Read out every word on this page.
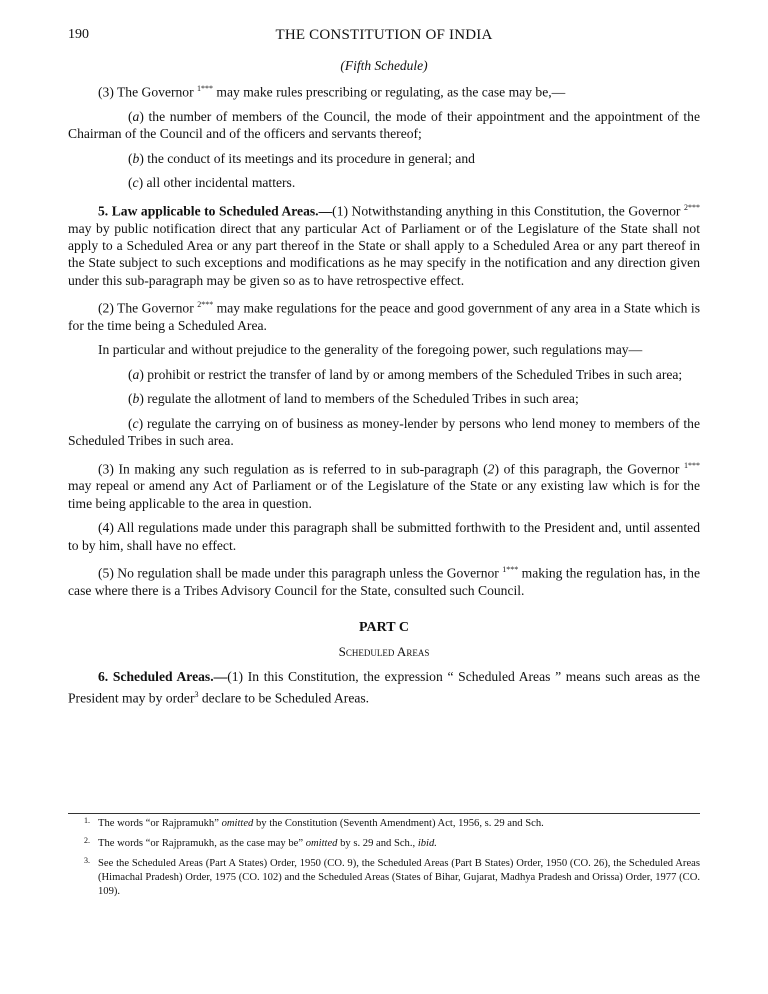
190	THE CONSTITUTION OF INDIA
(Fifth Schedule)

(3) The Governor $^{1***}$ may make rules prescribing or regulating, as the case may be,—

(a) the number of members of the Council, the mode of their appointment and the appointment of the Chairman of the Council and of the officers and servants thereof;

(b) the conduct of its meetings and its procedure in general; and

(c) all other incidental matters.

5. Law applicable to Scheduled Areas.—(1) Notwithstanding anything in this Constitution, the Governor $^{2***}$ may by public notification direct that any particular Act of Parliament or of the Legislature of the State shall not apply to a Scheduled Area or any part thereof in the State or shall apply to a Scheduled Area or any part thereof in the State subject to such exceptions and modifications as he may specify in the notification and any direction given under this sub-paragraph may be given so as to have retrospective effect.

(2) The Governor $^{2***}$ may make regulations for the peace and good government of any area in a State which is for the time being a Scheduled Area.

In particular and without prejudice to the generality of the foregoing power, such regulations may—

(a) prohibit or restrict the transfer of land by or among members of the Scheduled Tribes in such area;

(b) regulate the allotment of land to members of the Scheduled Tribes in such area;

(c) regulate the carrying on of business as money-lender by persons who lend money to members of the Scheduled Tribes in such area.

(3) In making any such regulation as is referred to in sub-paragraph (2) of this paragraph, the Governor $^{1***}$ may repeal or amend any Act of Parliament or of the Legislature of the State or any existing law which is for the time being applicable to the area in question.

(4) All regulations made under this paragraph shall be submitted forthwith to the President and, until assented to by him, shall have no effect.

(5) No regulation shall be made under this paragraph unless the Governor $^{1***}$ making the regulation has, in the case where there is a Tribes Advisory Council for the State, consulted such Council.

PART C
Scheduled Areas

6. Scheduled Areas.—(1) In this Constitution, the expression “ Scheduled Areas ” means such areas as the President may by order$^3$ declare to be Scheduled Areas.

1. The words “or Rajpramukh” omitted by the Constitution (Seventh Amendment) Act, 1956, s. 29 and Sch.
2. The words “or Rajpramukh, as the case may be” omitted by s. 29 and Sch., ibid.
3. See the Scheduled Areas (Part A States) Order, 1950 (CO. 9), the Scheduled Areas (Part B States) Order, 1950 (CO. 26), the Scheduled Areas (Himachal Pradesh) Order, 1975 (CO. 102) and the Scheduled Areas (States of Bihar, Gujarat, Madhya Pradesh and Orissa) Order, 1977 (CO. 109).
